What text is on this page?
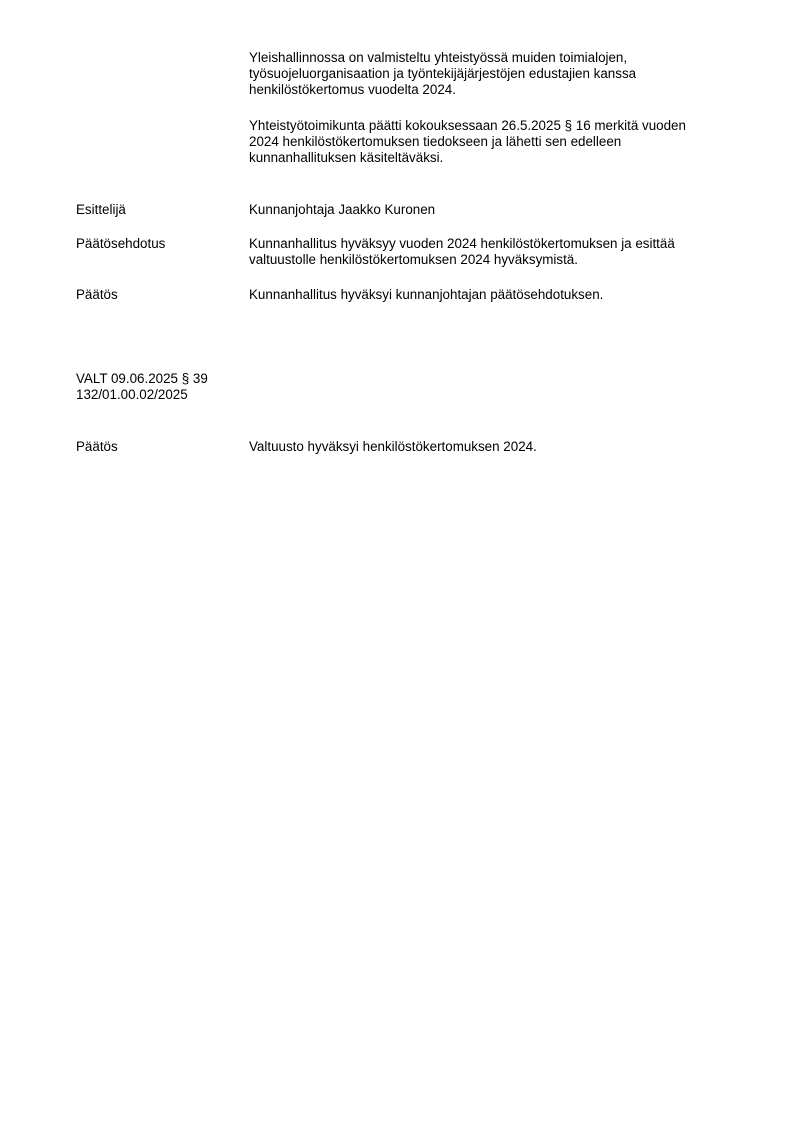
Yleishallinnossa on valmisteltu yhteistyössä muiden toimialojen,
työsuojeluorganisaation ja työntekijäjärjestöjen edustajien kanssa
henkilöstökertomus vuodelta 2024.
Yhteistyötoimikunta päätti kokouksessaan 26.5.2025 § 16 merkitä vuoden
2024 henkilöstökertomuksen tiedokseen ja lähetti sen edelleen
kunnanhallituksen käsiteltäväksi.
Esittelijä	Kunnanjohtaja Jaakko Kuronen
Päätösehdotus	Kunnanhallitus hyväksyy vuoden 2024 henkilöstökertomuksen ja esittää
valtuustolle henkilöstökertomuksen 2024 hyväksymistä.
Päätös	Kunnanhallitus hyväksyi kunnanjohtajan päätösehdotuksen.
VALT 09.06.2025 § 39
132/01.00.02/2025
Päätös	Valtuusto hyväksyi henkilöstökertomuksen 2024.
